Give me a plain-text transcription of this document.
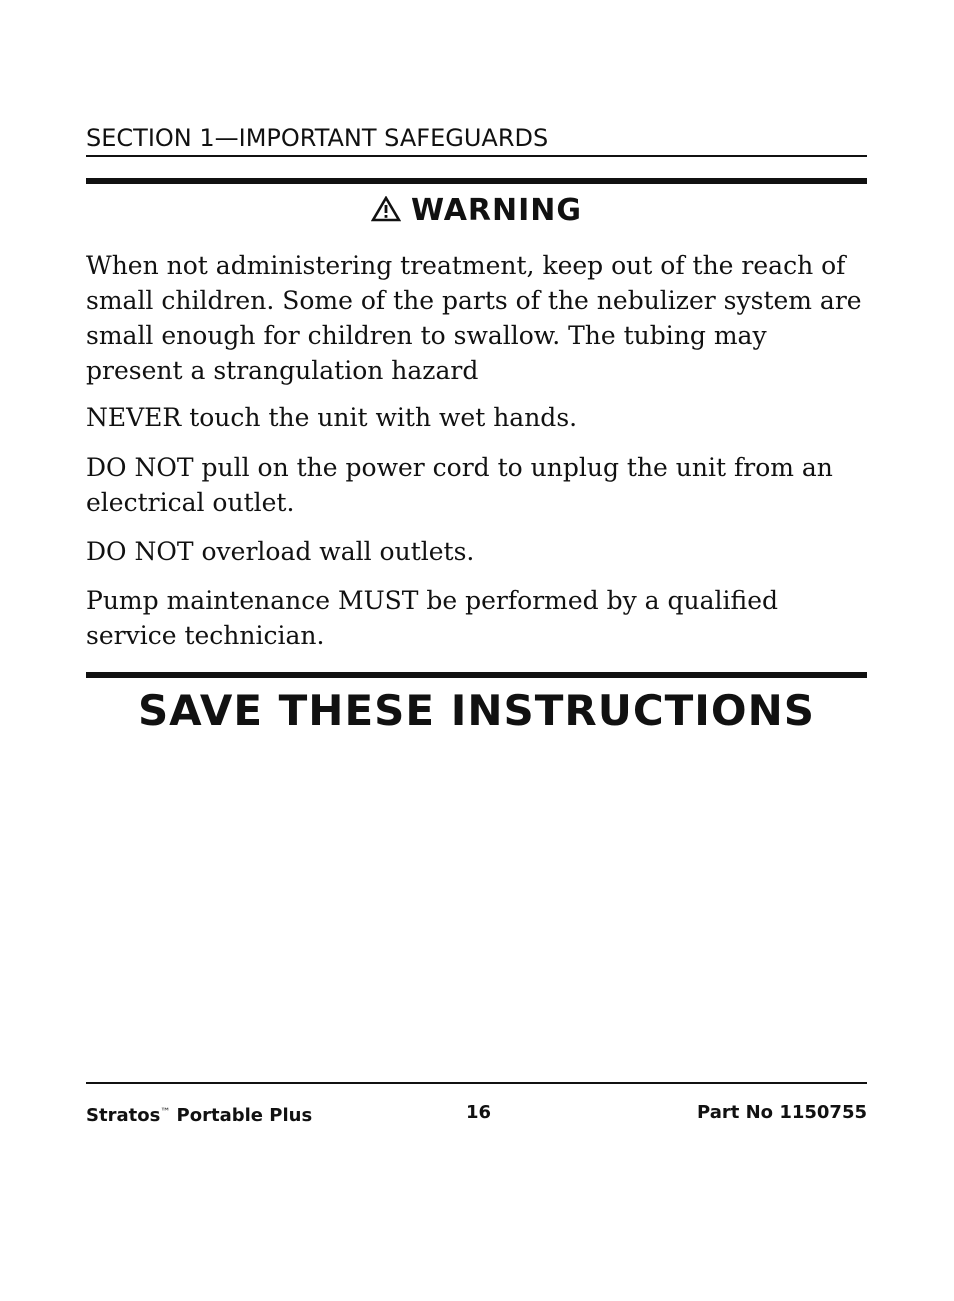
SECTION 1—IMPORTANT SAFEGUARDS
WARNING

When not administering treatment, keep out of the reach of small children. Some of the parts of the nebulizer system are small enough for children to swallow. The tubing may present a strangulation hazard

NEVER touch the unit with wet hands.

DO NOT pull on the power cord to unplug the unit from an electrical outlet.

DO NOT overload wall outlets.

Pump maintenance MUST be performed by a qualified service technician.

SAVE THESE INSTRUCTIONS
Stratos™ Portable Plus	16	Part No 1150755
